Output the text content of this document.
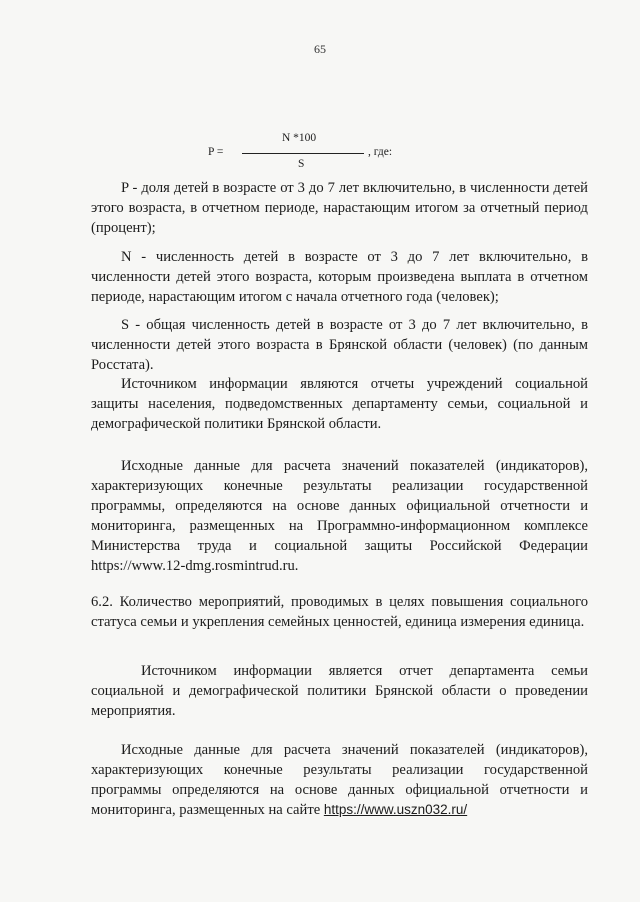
65
P =
N *100
S
, где:

P - доля детей в возрасте от 3 до 7 лет включительно, в численности детей этого возраста, в отчетном периоде, нарастающим итогом за отчетный период (процент);

N - численность детей в возрасте от 3 до 7 лет включительно, в численности детей этого возраста, которым произведена выплата в отчетном периоде, нарастающим итогом с начала отчетного года (человек);

S - общая численность детей в возрасте от 3 до 7 лет включительно, в численности детей этого возраста в Брянской области (человек) (по данным Росстата).

Источником информации являются отчеты учреждений социальной защиты населения, подведомственных департаменту семьи, социальной и демографической политики Брянской области.

Исходные данные для расчета значений показателей (индикаторов), характеризующих конечные результаты реализации государственной программы, определяются на основе данных официальной отчетности и мониторинга, размещенных на Программно-информационном комплексе Министерства труда и социальной защиты Российской Федерации https://www.12-dmg.rosmintrud.ru.

6.2. Количество мероприятий, проводимых в целях повышения социального статуса семьи и укрепления семейных ценностей, единица измерения единица.

Источником информации является отчет департамента семьи социальной и демографической политики Брянской области о проведении мероприятия.

Исходные данные для расчета значений показателей (индикаторов), характеризующих конечные результаты реализации государственной программы определяются на основе данных официальной отчетности и мониторинга, размещенных на сайте https://www.uszn032.ru/
